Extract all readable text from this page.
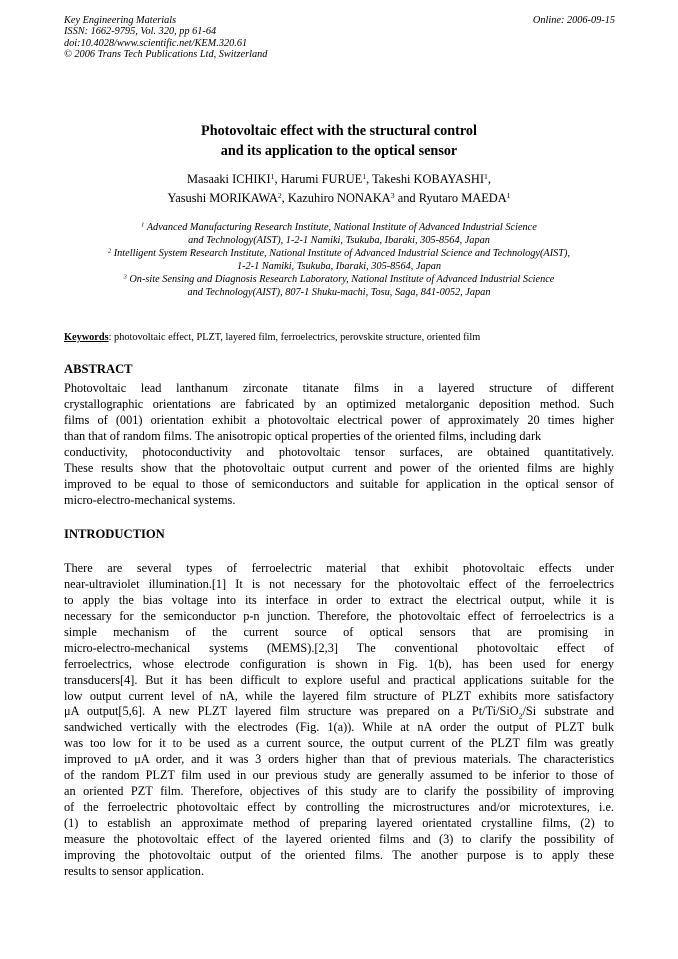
Key Engineering Materials
ISSN: 1662-9795, Vol. 320, pp 61-64
doi:10.4028/www.scientific.net/KEM.320.61
© 2006 Trans Tech Publications Ltd, Switzerland
Online: 2006-09-15
Photovoltaic effect with the structural control
and its application to the optical sensor
Masaaki ICHIKI$^1$, Harumi FURUE$^1$, Takeshi KOBAYASHI$^1$,
Yasushi MORIKAWA$^2$, Kazuhiro NONAKA$^3$ and Ryutaro MAEDA$^1$
$^1$ Advanced Manufacturing Research Institute, National Institute of Advanced Industrial Science
and Technology(AIST), 1-2-1 Namiki, Tsukuba, Ibaraki, 305-8564, Japan
$^2$ Intelligent System Research Institute, National Institute of Advanced Industrial Science and Technology(AIST),
1-2-1 Namiki, Tsukuba, Ibaraki, 305-8564, Japan
$^3$ On-site Sensing and Diagnosis Research Laboratory, National Institute of Advanced Industrial Science
and Technology(AIST), 807-1 Shuku-machi, Tosu, Saga, 841-0052, Japan
Keywords: photovoltaic effect, PLZT, layered film, ferroelectrics, perovskite structure, oriented film
ABSTRACT
Photovoltaic lead lanthanum zirconate titanate films in a layered structure of different
crystallographic orientations are fabricated by an optimized metalorganic deposition method. Such
films of (001) orientation exhibit a photovoltaic electrical power of approximately 20 times higher
than that of random films. The anisotropic optical properties of the oriented films, including dark
conductivity, photoconductivity and photovoltaic tensor surfaces, are obtained quantitatively.
These results show that the photovoltaic output current and power of the oriented films are highly
improved to be equal to those of semiconductors and suitable for application in the optical sensor of
micro-electro-mechanical systems.
INTRODUCTION
There are several types of ferroelectric material that exhibit photovoltaic effects under
near-ultraviolet illumination.[1] It is not necessary for the photovoltaic effect of the ferroelectrics
to apply the bias voltage into its interface in order to extract the electrical output, while it is
necessary for the semiconductor p-n junction. Therefore, the photovoltaic effect of ferroelectrics is a
simple mechanism of the current source of optical sensors that are promising in
micro-electro-mechanical systems (MEMS).[2,3] The conventional photovoltaic effect of
ferroelectrics, whose electrode configuration is shown in Fig. 1(b), has been used for energy
transducers[4]. But it has been difficult to explore useful and practical applications suitable for the
low output current level of nA, while the layered film structure of PLZT exhibits more satisfactory
μA output[5,6]. A new PLZT layered film structure was prepared on a Pt/Ti/SiO$_2$/Si substrate and
sandwiched vertically with the electrodes (Fig. 1(a)). While at nA order the output of PLZT bulk
was too low for it to be used as a current source, the output current of the PLZT film was greatly
improved to μA order, and it was 3 orders higher than that of previous materials. The characteristics
of the random PLZT film used in our previous study are generally assumed to be inferior to those of
an oriented PZT film. Therefore, objectives of this study are to clarify the possibility of improving
of the ferroelectric photovoltaic effect by controlling the microstructures and/or microtextures, i.e.
(1) to establish an approximate method of preparing layered orientated crystalline films, (2) to
measure the photovoltaic effect of the layered oriented films and (3) to clarify the possibility of
improving the photovoltaic output of the oriented films. The another purpose is to apply these
results to sensor application.
